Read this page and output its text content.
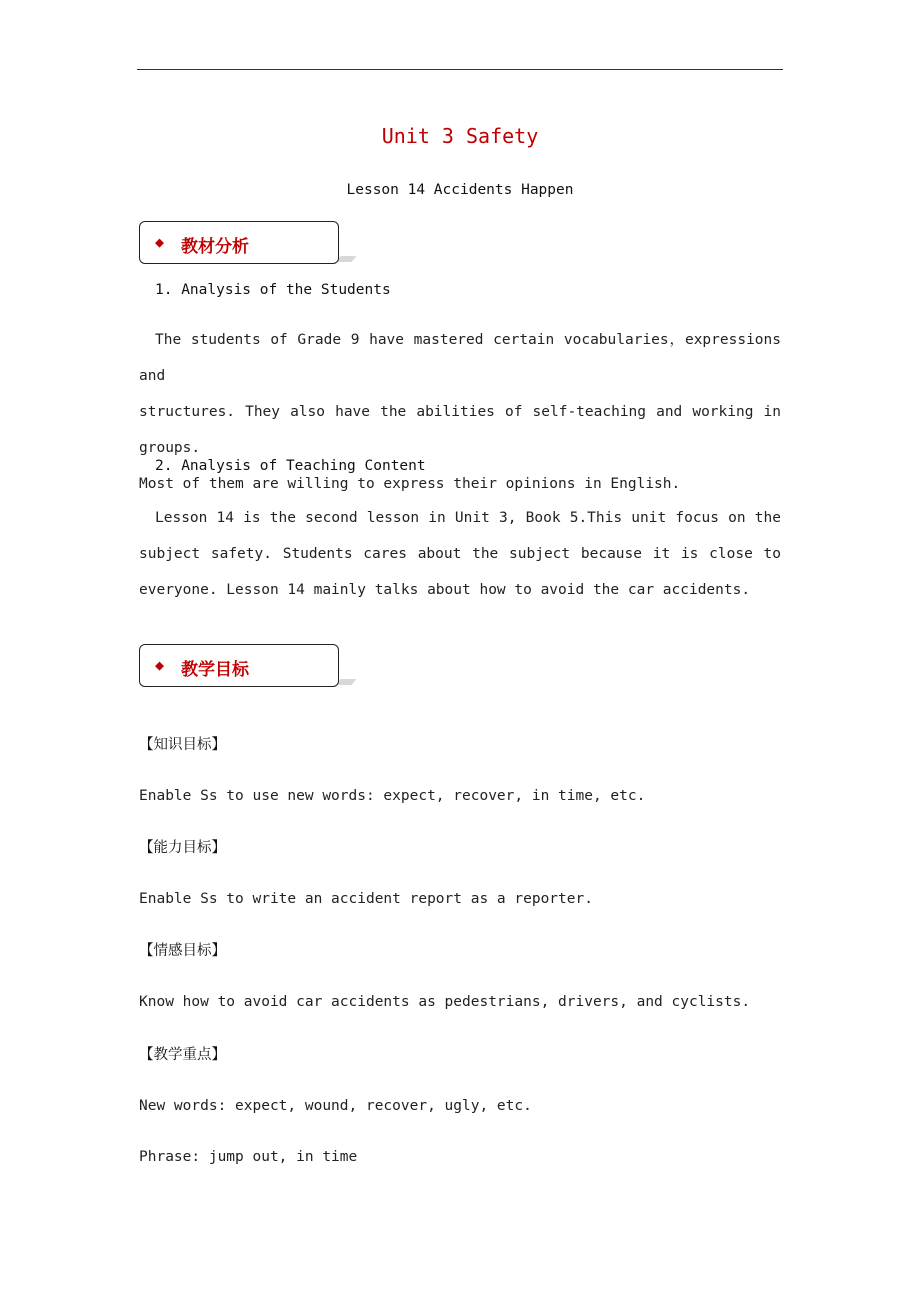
Unit 3 Safety
Lesson 14 Accidents Happen
◆ 教材分析
1. Analysis of the Students
The students of Grade 9 have mastered certain vocabularies，expressions and
structures. They also have the abilities of self-teaching and working in groups.
Most of them are willing to express their opinions in English.
2. Analysis of Teaching Content
Lesson 14 is the second lesson in Unit 3, Book 5.This unit focus on the
subject safety. Students cares about the subject because it is close to
everyone. Lesson 14 mainly talks about how to avoid the car accidents.
◆ 教学目标
【知识目标】
Enable Ss to use new words: expect, recover, in time, etc.
【能力目标】
Enable Ss to write an accident report as a reporter.
【情感目标】
Know how to avoid car accidents as pedestrians, drivers, and cyclists.
【教学重点】
New words: expect, wound, recover, ugly, etc.
Phrase: jump out, in time
